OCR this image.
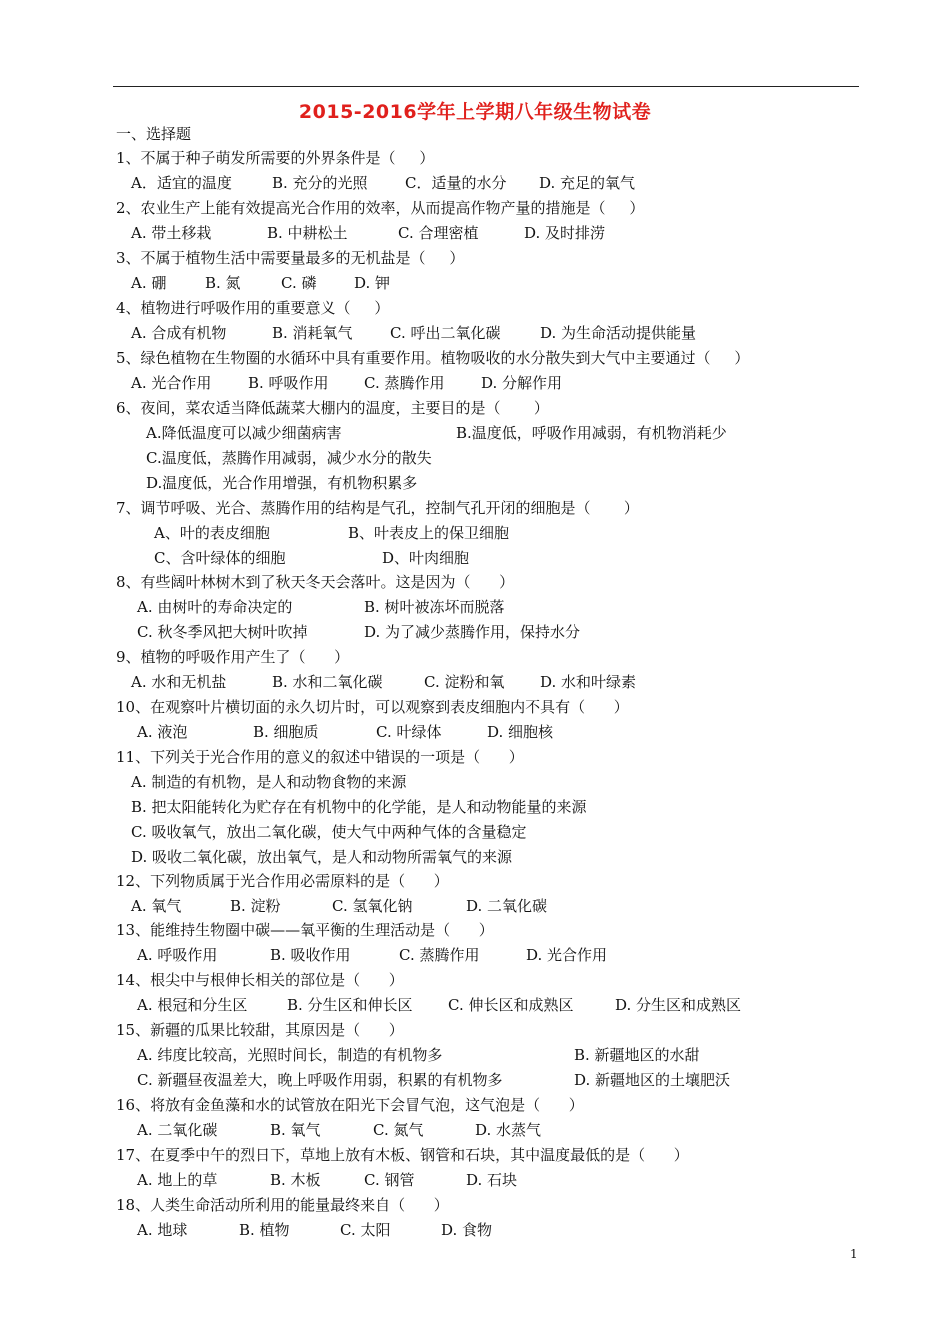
2015-2016学年上学期八年级生物试卷
一、选择题
1、不属于种子萌发所需要的外界条件是（     ）
A．适宜的温度	B. 充分的光照 C．适量的水分 D. 充足的氧气
2、农业生产上能有效提高光合作用的效率，从而提高作物产量的措施是（     ）
A. 带土移栽	B. 中耕松土	C. 合理密植	D. 及时排涝
3、不属于植物生活中需要量最多的无机盐是（     ）
A. 硼	B. 氮	C. 磷	D. 钾
4、植物进行呼吸作用的重要意义（     ）
A. 合成有机物	B. 消耗氧气 C. 呼出二氧化碳	D. 为生命活动提供能量
5、绿色植物在生物圈的水循环中具有重要作用。植物吸收的水分散失到大气中主要通过（     ）
A. 光合作用 B. 呼吸作用 C. 蒸腾作用 D. 分解作用
6、夜间，菜农适当降低蔬菜大棚内的温度，主要目的是（       ）
A.降低温度可以减少细菌病害	B.温度低，呼吸作用减弱，有机物消耗少
C.温度低，蒸腾作用减弱，减少水分的散失
D.温度低，光合作用增强，有机物积累多
7、调节呼吸、光合、蒸腾作用的结构是气孔，控制气孔开闭的细胞是（       ）
A、叶的表皮细胞	B、叶表皮上的保卫细胞
C、含叶绿体的细胞	D、叶肉细胞
8、有些阔叶林树木到了秋天冬天会落叶。这是因为（      ）
A. 由树叶的寿命决定的	B. 树叶被冻坏而脱落
C. 秋冬季风把大树叶吹掉	D. 为了减少蒸腾作用，保持水分
9、植物的呼吸作用产生了（      ）
A. 水和无机盐	B. 水和二氧化碳	C. 淀粉和氧 D. 水和叶绿素
10、在观察叶片横切面的永久切片时，可以观察到表皮细胞内不具有（      ）
A. 液泡	B. 细胞质	C. 叶绿体	D. 细胞核
11、下列关于光合作用的意义的叙述中错误的一项是（      ）
A. 制造的有机物，是人和动物食物的来源
B. 把太阳能转化为贮存在有机物中的化学能，是人和动物能量的来源
C. 吸收氧气，放出二氧化碳，使大气中两种气体的含量稳定
D. 吸收二氧化碳，放出氧气，是人和动物所需氧气的来源
12、下列物质属于光合作用必需原料的是（      ）
A. 氧气	B. 淀粉	C. 氢氧化钠	D. 二氧化碳
13、能维持生物圈中碳——氧平衡的生理活动是（      ）
A. 呼吸作用	B. 吸收作用	C. 蒸腾作用	D. 光合作用
14、根尖中与根伸长相关的部位是（      ）
A. 根冠和分生区	B. 分生区和伸长区 C. 伸长区和成熟区	D. 分生区和成熟区
15、新疆的瓜果比较甜，其原因是（      ）
A. 纬度比较高，光照时间长，制造的有机物多	B. 新疆地区的水甜
C. 新疆昼夜温差大，晚上呼吸作用弱，积累的有机物多	D. 新疆地区的土壤肥沃
16、将放有金鱼藻和水的试管放在阳光下会冒气泡，这气泡是（      ）
A. 二氧化碳	B. 氧气	C. 氮气	D. 水蒸气
17、在夏季中午的烈日下，草地上放有木板、钢管和石块，其中温度最低的是（      ）
A. 地上的草	B. 木板	C. 钢管	D. 石块
18、人类生命活动所利用的能量最终来自（      ）
A. 地球	B. 植物	C. 太阳	D. 食物
1
